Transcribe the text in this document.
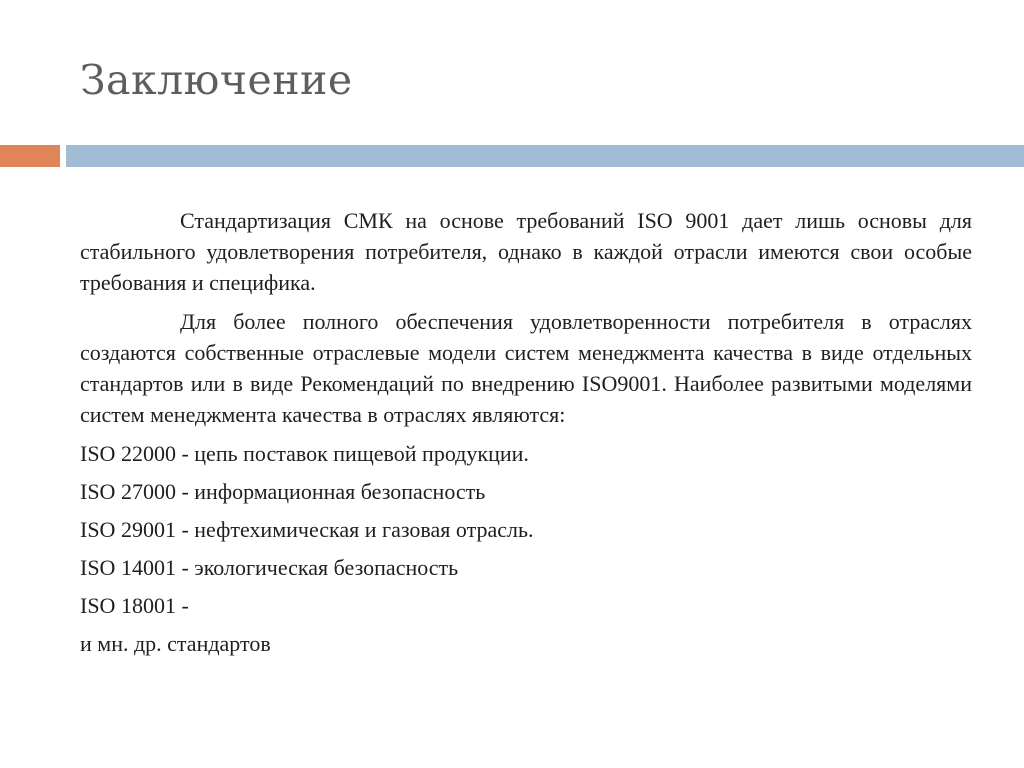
Заключение

Стандартизация СМК на основе требований ISO 9001 дает лишь основы для стабильного удовлетворения потребителя, однако в каждой отрасли имеются свои особые требования и специфика.

Для более полного обеспечения удовлетворенности потребителя в отраслях создаются собственные отраслевые модели систем менеджмента качества в виде отдельных стандартов или в виде Рекомендаций по внедрению ISO9001. Наиболее развитыми моделями систем менеджмента качества в отраслях являются:

ISO 22000 - цепь поставок пищевой продукции.
ISO 27000 - информационная безопасность
ISO 29001 - нефтехимическая и газовая отрасль.
ISO 14001 - экологическая безопасность
ISO 18001 -
и мн. др. стандартов
